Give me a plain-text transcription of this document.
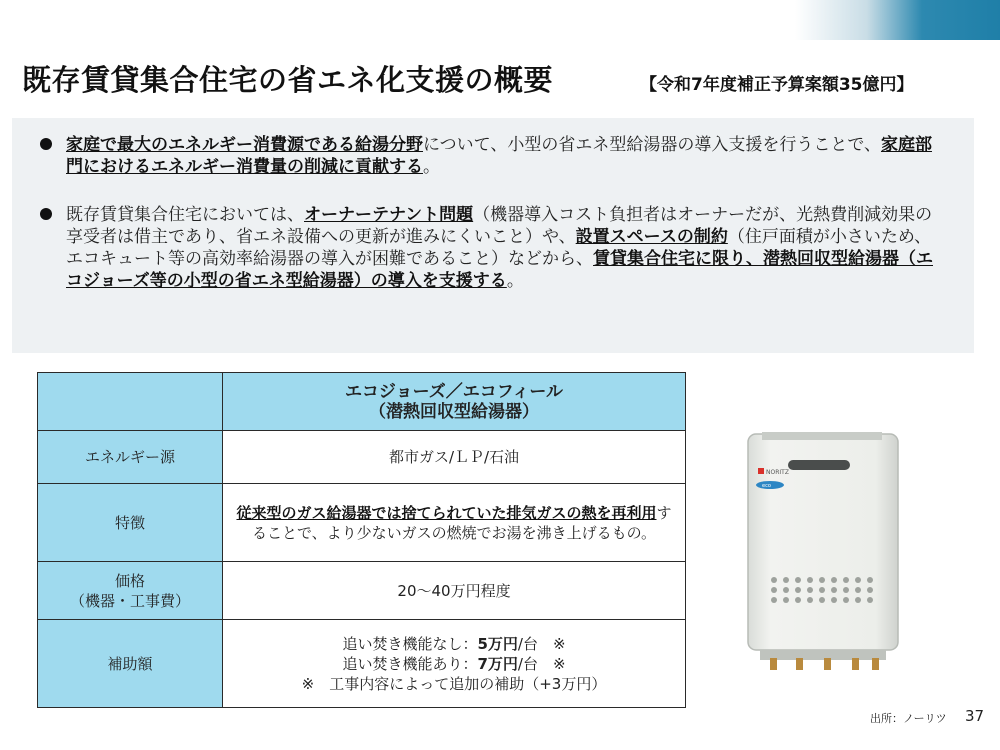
既存賃貸集合住宅の省エネ化支援の概要	【令和7年度補正予算案額35億円】
家庭で最大のエネルギー消費源である給湯分野について、小型の省エネ型給湯器の導入支援を行うことで、家庭部門におけるエネルギー消費量の削減に貢献する。
既存賃貸集合住宅においては、オーナーテナント問題（機器導入コスト負担者はオーナーだが、光熱費削減効果の享受者は借主であり、省エネ設備への更新が進みにくいこと）や、設置スペースの制約（住戸面積が小さいため、エコキュート等の高効率給湯器の導入が困難であること）などから、賃貸集合住宅に限り、潜熱回収型給湯器（エコジョーズ等の小型の省エネ型給湯器）の導入を支援する。

	エコジョーズ／エコフィール
（潜熱回収型給湯器）

エネルギー源	都市ガス/ＬＰ/石油
特徴	従来型のガス給湯器では捨てられていた排気ガスの熱を再利用することで、より少ないガスの燃焼でお湯を沸き上げるもの。

価格
（機器・工事費）	20～40万円程度
補助額	追い焚き機能なし：5万円/台　※
追い焚き機能あり：7万円/台　※
※　工事内容によって追加の補助（+3万円）
NORITZ
eco
出所：ノーリツ 37
